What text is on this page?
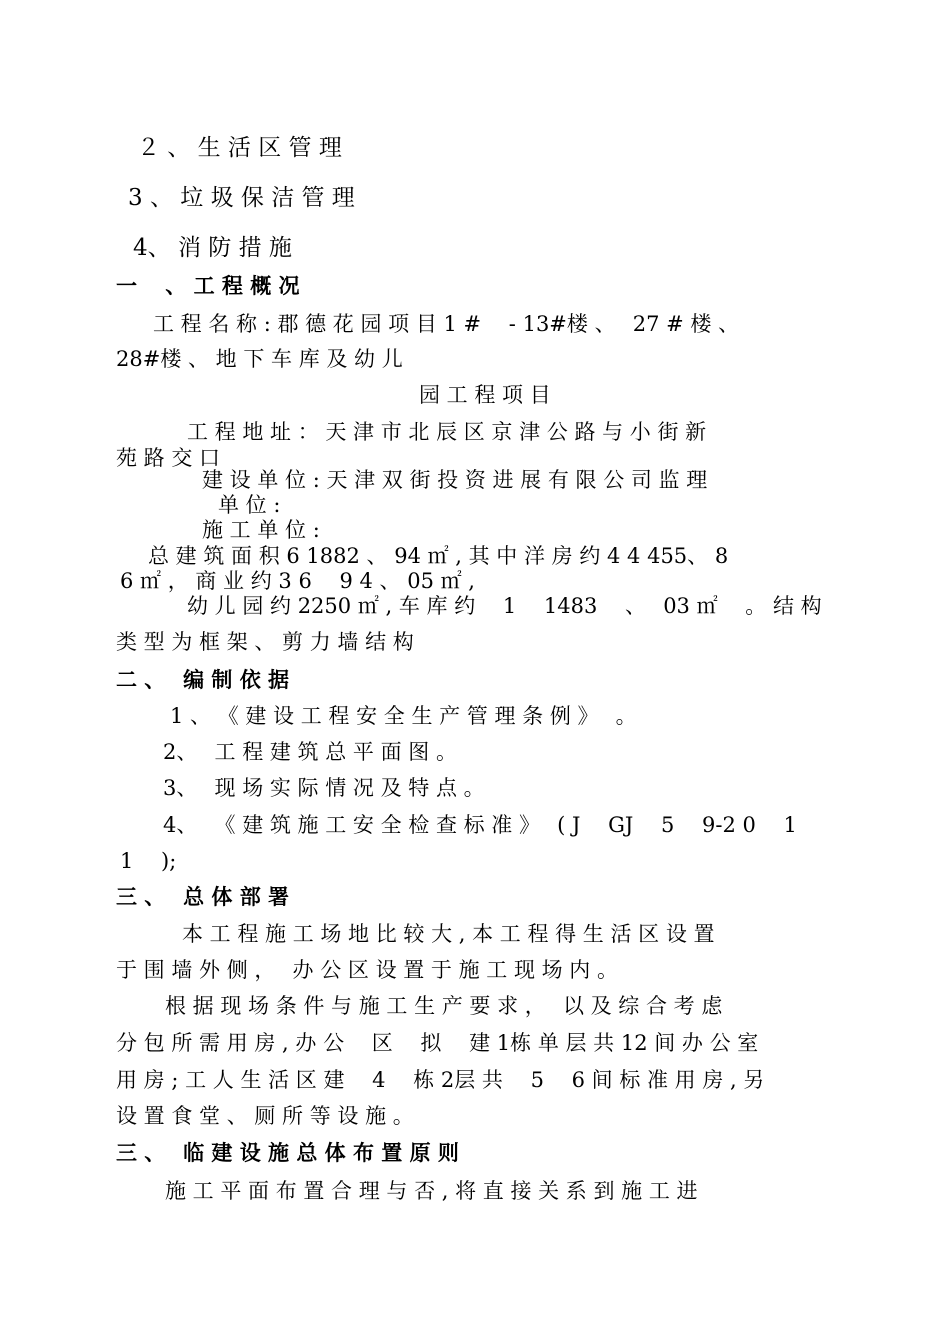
２ 、 生 活 区 管 理
3 、 垃 圾 保 洁 管 理
4、 消 防 措 施
一　 、 工 程 概 况
工 程 名 称 : 郡 德 花 园 项 目 1 #　 - 13#楼 、　 27 # 楼 、
28#楼 、 地 下 车 库 及 幼 儿
园 工 程 项 目
工 程 地 址 ： 天 津 市 北 辰 区 京 津 公 路 与 小 街 新
苑 路 交 口
建 设 单 位 : 天 津 双 街 投 资 进 展 有 限 公 司 监 理
单 位 :
施 工 单 位 :
总 建 筑 面 积 6 1882 、 94 ㎡ , 其 中 洋 房 约 4 4 455、 8
6 ㎡ ， 商 业 约 3 6　 9 4 、 05 ㎡ ,
幼 儿 园 约 2250 ㎡ , 车 库 约　 1　 1483　 、　 03 ㎡　 。 结 构
类 型 为 框 架 、 剪 力 墙 结 构
二 、　 编 制 依 据
1 、 《 建 设 工 程 安 全 生 产 管 理 条 例 》　 。
2、　 工 程 建 筑 总 平 面 图 。
3、　 现 场 实 际 情 况 及 特 点 。
4、　 《 建 筑 施 工 安 全 检 查 标 准 》　 ( J　 GJ　 5　 9-2 0　 1
1　 );
三 、　 总 体 部 署
本 工 程 施 工 场 地 比 较 大 , 本 工 程 得 生 活 区 设 置
于 围 墙 外 侧 ，　 办 公 区 设 置 于 施 工 现 场 内 。
根 据 现 场 条 件 与 施 工 生 产 要 求 ，　 以 及 综 合 考 虑
分 包 所 需 用 房 , 办 公　 区　 拟　 建 1栋 单 层 共 12 间 办 公 室
用 房 ; 工 人 生 活 区 建　 4　 栋 2层 共　 5　 6 间 标 准 用 房 , 另
设 置 食 堂 、 厕 所 等 设 施 。
三 、　 临 建 设 施 总 体 布 置 原 则
施 工 平 面 布 置 合 理 与 否 , 将 直 接 关 系 到 施 工 进
